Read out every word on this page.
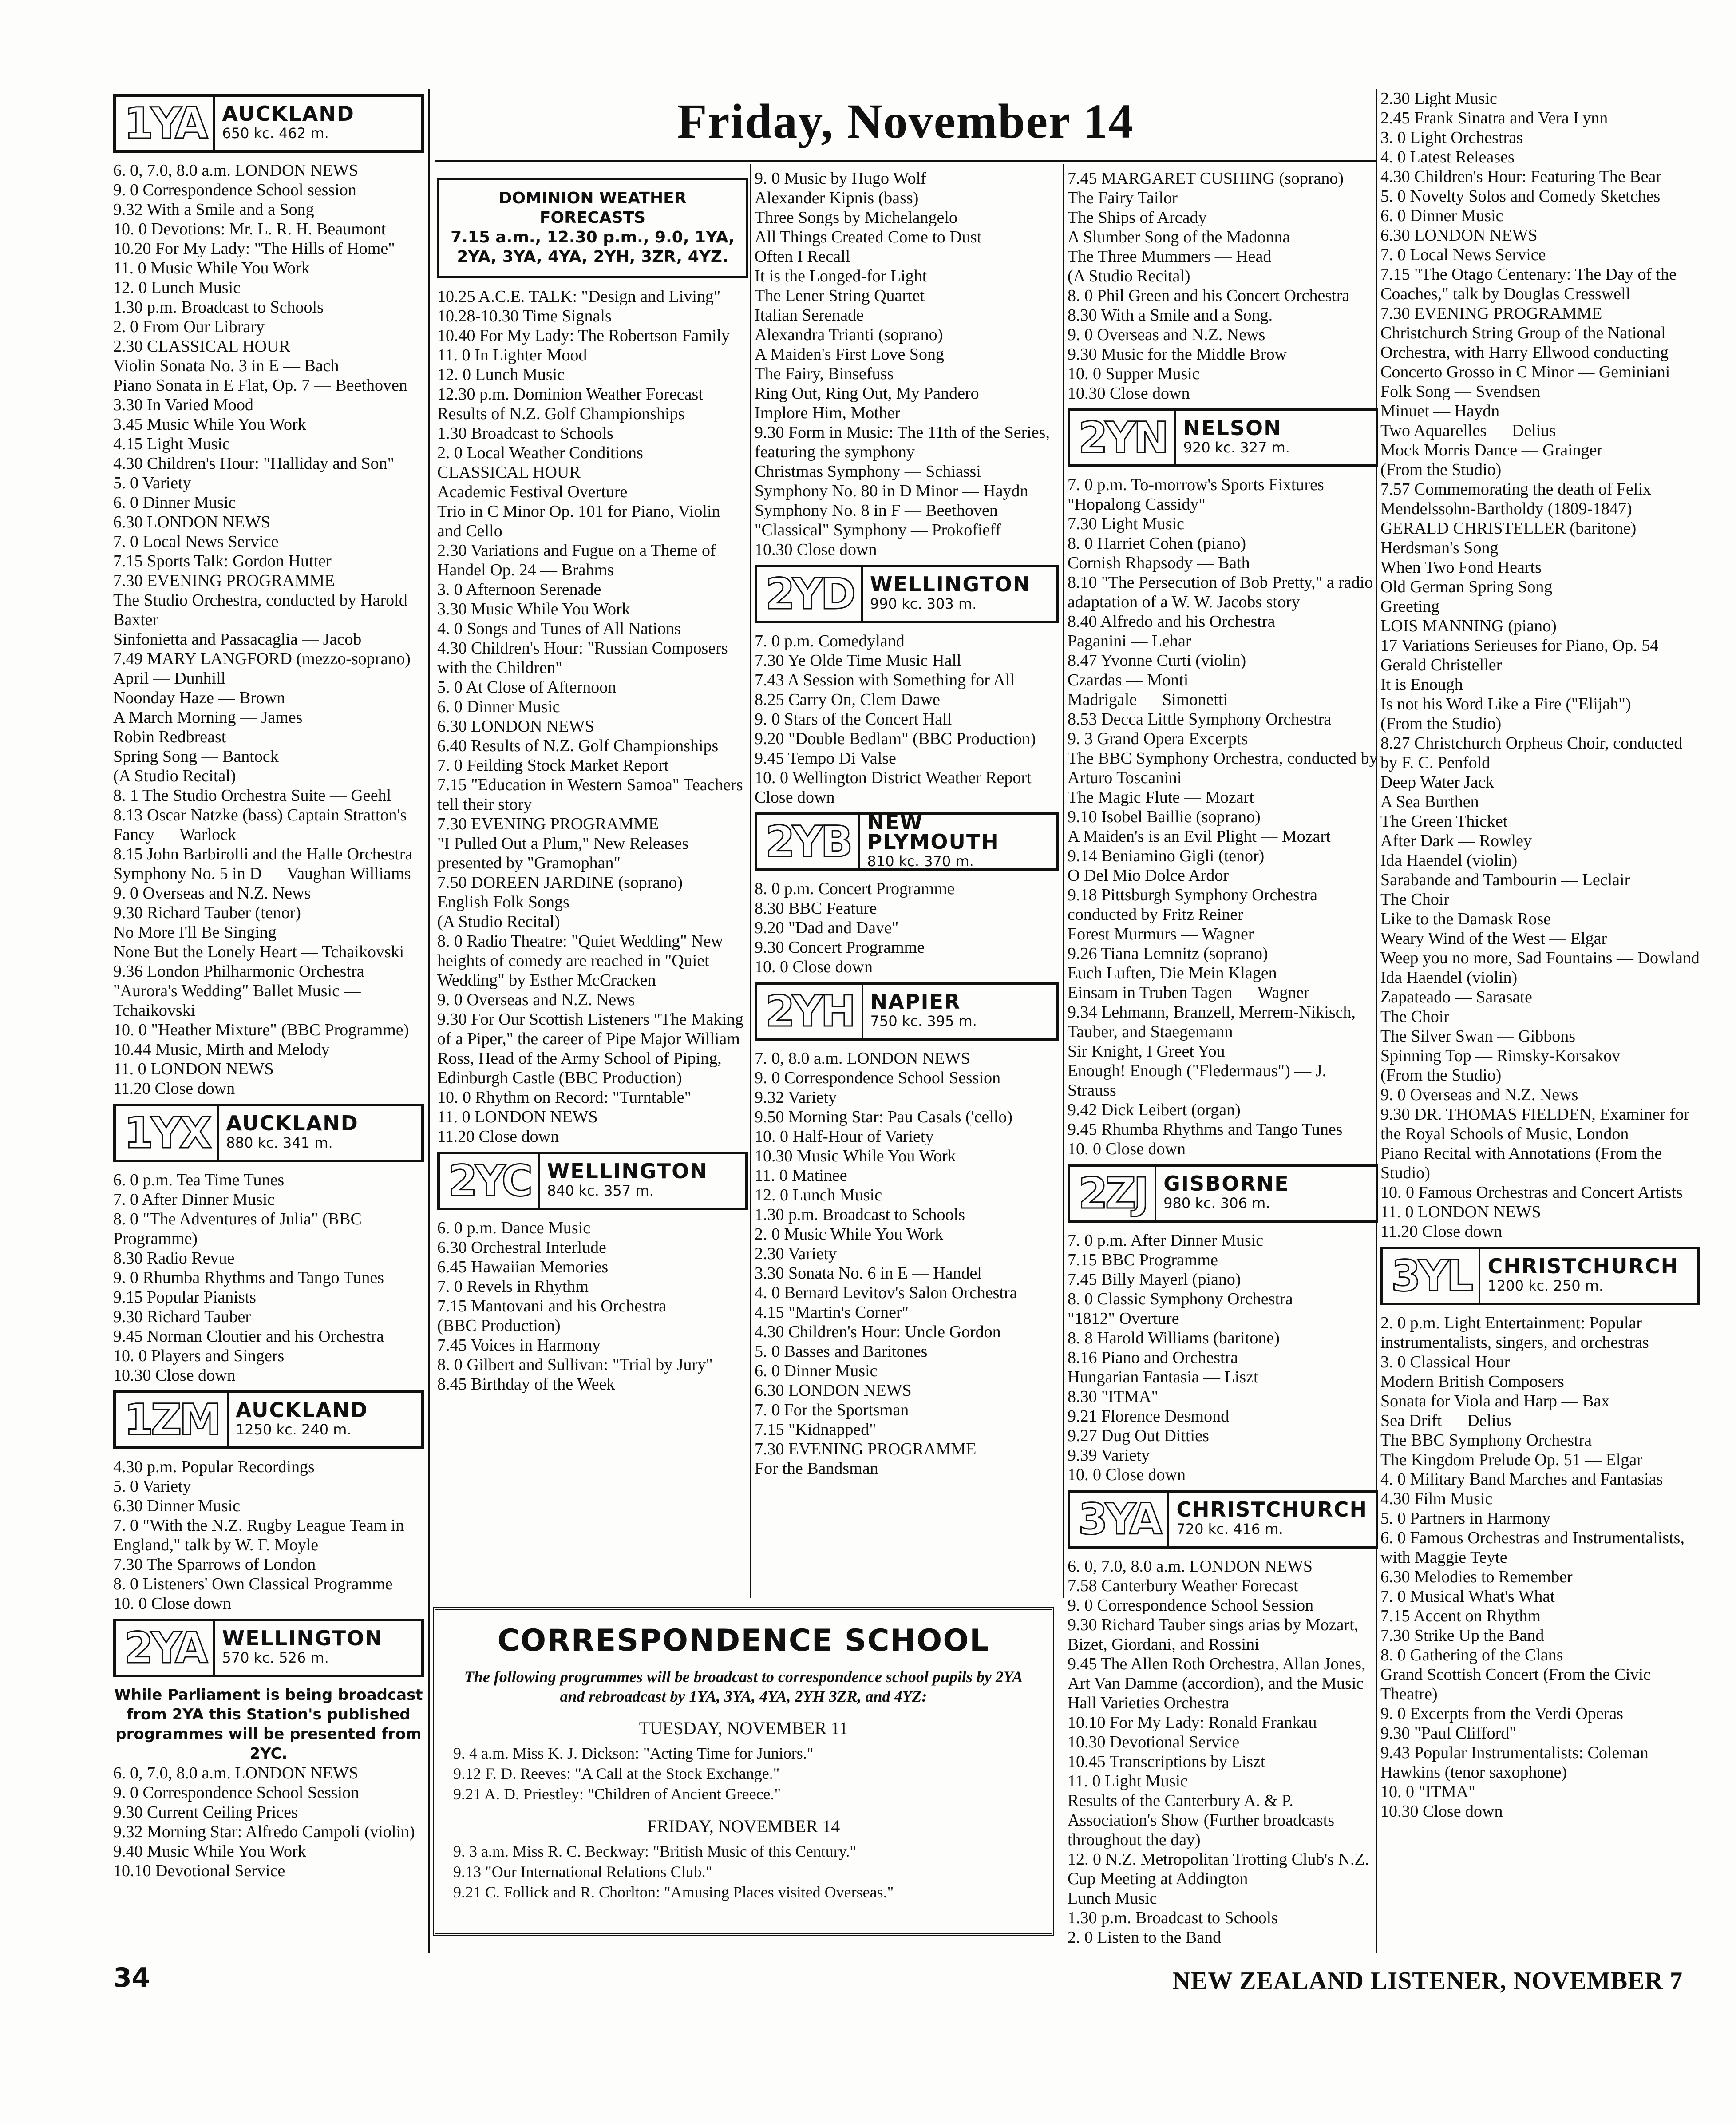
Friday, November 14
1YA AUCKLAND
650 kc. 462 m.
6. 0, 7.0, 8.0 a.m. LONDON NEWS
9. 0 Correspondence School session
9.32 With a Smile and a Song
10. 0 Devotions: Mr. L. R. H. Beaumont
10.20 For My Lady: "The Hills of Home"
11. 0 Music While You Work
12. 0 Lunch Music
1.30 p.m. Broadcast to Schools
2. 0 From Our Library
2.30 CLASSICAL HOUR
Violin Sonata No. 3 in E — Bach
Piano Sonata in E Flat, Op. 7 — Beethoven
3.30 In Varied Mood
3.45 Music While You Work
4.15 Light Music
4.30 Children's Hour: "Halliday and Son"
5. 0 Variety
6. 0 Dinner Music
6.30 LONDON NEWS
7. 0 Local News Service
7.15 Sports Talk: Gordon Hutter
7.30 EVENING PROGRAMME
The Studio Orchestra, conducted by Harold Baxter
Sinfonietta and Passacaglia — Jacob
7.49 MARY LANGFORD (mezzo-soprano)
April — Dunhill
Noonday Haze — Brown
A March Morning — James
Robin Redbreast
Spring Song — Bantock
(A Studio Recital)
8. 1 The Studio Orchestra Suite — Geehl
8.13 Oscar Natzke (bass) Captain Stratton's Fancy — Warlock
8.15 John Barbirolli and the Halle Orchestra
Symphony No. 5 in D — Vaughan Williams
9. 0 Overseas and N.Z. News
9.30 Richard Tauber (tenor)
No More I'll Be Singing
None But the Lonely Heart — Tchaikovski
9.36 London Philharmonic Orchestra
"Aurora's Wedding" Ballet Music — Tchaikovski
10. 0 "Heather Mixture" (BBC Programme)
10.44 Music, Mirth and Melody
11. 0 LONDON NEWS
11.20 Close down
1YX AUCKLAND
880 kc. 341 m.
6. 0 p.m. Tea Time Tunes
7. 0 After Dinner Music
8. 0 "The Adventures of Julia" (BBC Programme)
8.30 Radio Revue
9. 0 Rhumba Rhythms and Tango Tunes
9.15 Popular Pianists
9.30 Richard Tauber
9.45 Norman Cloutier and his Orchestra
10. 0 Players and Singers
10.30 Close down
1ZM AUCKLAND
1250 kc. 240 m.
4.30 p.m. Popular Recordings
5. 0 Variety
6.30 Dinner Music
7. 0 "With the N.Z. Rugby League Team in England," talk by W. F. Moyle
7.30 The Sparrows of London
8. 0 Listeners' Own Classical Programme
10. 0 Close down
2YA WELLINGTON
570 kc. 526 m.
While Parliament is being broadcast from 2YA this Station's published programmes will be presented from 2YC.
6. 0, 7.0, 8.0 a.m. LONDON NEWS
9. 0 Correspondence School Session
9.30 Current Ceiling Prices
9.32 Morning Star: Alfredo Campoli (violin)
9.40 Music While You Work
10.10 Devotional Service
DOMINION WEATHER FORECASTS
7.15 a.m., 12.30 p.m., 9.0, 1YA, 2YA, 3YA, 4YA, 2YH, 3ZR, 4YZ.
10.25 A.C.E. TALK: "Design and Living"
10.28-10.30 Time Signals
10.40 For My Lady: The Robertson Family
11. 0 In Lighter Mood
12. 0 Lunch Music
12.30 p.m. Dominion Weather Forecast
Results of N.Z. Golf Championships
1.30 Broadcast to Schools
2. 0 Local Weather Conditions
CLASSICAL HOUR
Academic Festival Overture
Trio in C Minor Op. 101 for Piano, Violin and Cello
2.30 Variations and Fugue on a Theme of Handel Op. 24 — Brahms
3. 0 Afternoon Serenade
3.30 Music While You Work
4. 0 Songs and Tunes of All Nations
4.30 Children's Hour: "Russian Composers with the Children"
5. 0 At Close of Afternoon
6. 0 Dinner Music
6.30 LONDON NEWS
6.40 Results of N.Z. Golf Championships
7. 0 Feilding Stock Market Report
7.15 "Education in Western Samoa" Teachers tell their story
7.30 EVENING PROGRAMME
"I Pulled Out a Plum," New Releases presented by "Gramophan"
7.50 DOREEN JARDINE (soprano)
English Folk Songs
(A Studio Recital)
8. 0 Radio Theatre: "Quiet Wedding" New heights of comedy are reached in "Quiet Wedding" by Esther McCracken
9. 0 Overseas and N.Z. News
9.30 For Our Scottish Listeners "The Making of a Piper," the career of Pipe Major William Ross, Head of the Army School of Piping, Edinburgh Castle (BBC Production)
10. 0 Rhythm on Record: "Turntable"
11. 0 LONDON NEWS
11.20 Close down
2YC WELLINGTON
840 kc. 357 m.
6. 0 p.m. Dance Music
6.30 Orchestral Interlude
6.45 Hawaiian Memories
7. 0 Revels in Rhythm
7.15 Mantovani and his Orchestra
(BBC Production)
7.45 Voices in Harmony
8. 0 Gilbert and Sullivan: "Trial by Jury"
8.45 Birthday of the Week
9. 0 Music by Hugo Wolf
Alexander Kipnis (bass)
Three Songs by Michelangelo
All Things Created Come to Dust
Often I Recall
It is the Longed-for Light
The Lener String Quartet
Italian Serenade
Alexandra Trianti (soprano)
A Maiden's First Love Song
The Fairy, Binsefuss
Ring Out, Ring Out, My Pandero
Implore Him, Mother
9.30 Form in Music: The 11th of the Series, featuring the symphony
Christmas Symphony — Schiassi
Symphony No. 80 in D Minor — Haydn
Symphony No. 8 in F — Beethoven
"Classical" Symphony — Prokofieff
10.30 Close down
2YD WELLINGTON
990 kc. 303 m.
7. 0 p.m. Comedyland
7.30 Ye Olde Time Music Hall
7.43 A Session with Something for All
8.25 Carry On, Clem Dawe
9. 0 Stars of the Concert Hall
9.20 "Double Bedlam" (BBC Production)
9.45 Tempo Di Valse
10. 0 Wellington District Weather Report
Close down
2YB NEW PLYMOUTH
810 kc. 370 m.
8. 0 p.m. Concert Programme
8.30 BBC Feature
9.20 "Dad and Dave"
9.30 Concert Programme
10. 0 Close down
2YH NAPIER
750 kc. 395 m.
7. 0, 8.0 a.m. LONDON NEWS
9. 0 Correspondence School Session
9.32 Variety
9.50 Morning Star: Pau Casals ('cello)
10. 0 Half-Hour of Variety
10.30 Music While You Work
11. 0 Matinee
12. 0 Lunch Music
1.30 p.m. Broadcast to Schools
2. 0 Music While You Work
2.30 Variety
3.30 Sonata No. 6 in E — Handel
4. 0 Bernard Levitov's Salon Orchestra
4.15 "Martin's Corner"
4.30 Children's Hour: Uncle Gordon
5. 0 Basses and Baritones
6. 0 Dinner Music
6.30 LONDON NEWS
7. 0 For the Sportsman
7.15 "Kidnapped"
7.30 EVENING PROGRAMME
For the Bandsman
7.45 MARGARET CUSHING (soprano)
The Fairy Tailor
The Ships of Arcady
A Slumber Song of the Madonna
The Three Mummers — Head
(A Studio Recital)
8. 0 Phil Green and his Concert Orchestra
8.30 With a Smile and a Song.
9. 0 Overseas and N.Z. News
9.30 Music for the Middle Brow
10. 0 Supper Music
10.30 Close down
2YN NELSON
920 kc. 327 m.
7. 0 p.m. To-morrow's Sports Fixtures
"Hopalong Cassidy"
7.30 Light Music
8. 0 Harriet Cohen (piano)
Cornish Rhapsody — Bath
8.10 "The Persecution of Bob Pretty," a radio adaptation of a W. W. Jacobs story
8.40 Alfredo and his Orchestra
Paganini — Lehar
8.47 Yvonne Curti (violin)
Czardas — Monti
Madrigale — Simonetti
8.53 Decca Little Symphony Orchestra
9. 3 Grand Opera Excerpts
The BBC Symphony Orchestra, conducted by Arturo Toscanini
The Magic Flute — Mozart
9.10 Isobel Baillie (soprano)
A Maiden's is an Evil Plight — Mozart
9.14 Beniamino Gigli (tenor)
O Del Mio Dolce Ardor
9.18 Pittsburgh Symphony Orchestra conducted by Fritz Reiner
Forest Murmurs — Wagner
9.26 Tiana Lemnitz (soprano)
Euch Luften, Die Mein Klagen
Einsam in Truben Tagen — Wagner
9.34 Lehmann, Branzell, Merrem-Nikisch, Tauber, and Staegemann
Sir Knight, I Greet You
Enough! Enough ("Fledermaus") — J. Strauss
9.42 Dick Leibert (organ)
9.45 Rhumba Rhythms and Tango Tunes
10. 0 Close down
2ZJ GISBORNE
980 kc. 306 m.
7. 0 p.m. After Dinner Music
7.15 BBC Programme
7.45 Billy Mayerl (piano)
8. 0 Classic Symphony Orchestra
"1812" Overture
8. 8 Harold Williams (baritone)
8.16 Piano and Orchestra
Hungarian Fantasia — Liszt
8.30 "ITMA"
9.21 Florence Desmond
9.27 Dug Out Ditties
9.39 Variety
10. 0 Close down
3YA CHRISTCHURCH
720 kc. 416 m.
6. 0, 7.0, 8.0 a.m. LONDON NEWS
7.58 Canterbury Weather Forecast
9. 0 Correspondence School Session
9.30 Richard Tauber sings arias by Mozart, Bizet, Giordani, and Rossini
9.45 The Allen Roth Orchestra, Allan Jones, Art Van Damme (accordion), and the Music Hall Varieties Orchestra
10.10 For My Lady: Ronald Frankau
10.30 Devotional Service
10.45 Transcriptions by Liszt
11. 0 Light Music
Results of the Canterbury A. & P. Association's Show (Further broadcasts throughout the day)
12. 0 N.Z. Metropolitan Trotting Club's N.Z. Cup Meeting at Addington
Lunch Music
1.30 p.m. Broadcast to Schools
2. 0 Listen to the Band
2.30 Light Music
2.45 Frank Sinatra and Vera Lynn
3. 0 Light Orchestras
4. 0 Latest Releases
4.30 Children's Hour: Featuring The Bear
5. 0 Novelty Solos and Comedy Sketches
6. 0 Dinner Music
6.30 LONDON NEWS
7. 0 Local News Service
7.15 "The Otago Centenary: The Day of the Coaches," talk by Douglas Cresswell
7.30 EVENING PROGRAMME
Christchurch String Group of the National Orchestra, with Harry Ellwood conducting
Concerto Grosso in C Minor — Geminiani
Folk Song — Svendsen
Minuet — Haydn
Two Aquarelles — Delius
Mock Morris Dance — Grainger
(From the Studio)
7.57 Commemorating the death of Felix Mendelssohn-Bartholdy (1809-1847)
GERALD CHRISTELLER (baritone)
Herdsman's Song
When Two Fond Hearts
Old German Spring Song
Greeting
LOIS MANNING (piano)
17 Variations Serieuses for Piano, Op. 54
Gerald Christeller
It is Enough
Is not his Word Like a Fire ("Elijah")
(From the Studio)
8.27 Christchurch Orpheus Choir, conducted by F. C. Penfold
Deep Water Jack
A Sea Burthen
The Green Thicket
After Dark — Rowley
Ida Haendel (violin)
Sarabande and Tambourin — Leclair
The Choir
Like to the Damask Rose
Weary Wind of the West — Elgar
Weep you no more, Sad Fountains — Dowland
Ida Haendel (violin)
Zapateado — Sarasate
The Choir
The Silver Swan — Gibbons
Spinning Top — Rimsky-Korsakov
(From the Studio)
9. 0 Overseas and N.Z. News
9.30 DR. THOMAS FIELDEN, Examiner for the Royal Schools of Music, London
Piano Recital with Annotations (From the Studio)
10. 0 Famous Orchestras and Concert Artists
11. 0 LONDON NEWS
11.20 Close down
3YL CHRISTCHURCH
1200 kc. 250 m.
2. 0 p.m. Light Entertainment: Popular instrumentalists, singers, and orchestras
3. 0 Classical Hour
Modern British Composers
Sonata for Viola and Harp — Bax
Sea Drift — Delius
The BBC Symphony Orchestra
The Kingdom Prelude Op. 51 — Elgar
4. 0 Military Band Marches and Fantasias
4.30 Film Music
5. 0 Partners in Harmony
6. 0 Famous Orchestras and Instrumentalists, with Maggie Teyte
6.30 Melodies to Remember
7. 0 Musical What's What
7.15 Accent on Rhythm
7.30 Strike Up the Band
8. 0 Gathering of the Clans
Grand Scottish Concert (From the Civic Theatre)
9. 0 Excerpts from the Verdi Operas
9.30 "Paul Clifford"
9.43 Popular Instrumentalists: Coleman Hawkins (tenor saxophone)
10. 0 "ITMA"
10.30 Close down
CORRESPONDENCE SCHOOL
The following programmes will be broadcast to correspondence school pupils by 2YA and rebroadcast by 1YA, 3YA, 4YA, 2YH 3ZR, and 4YZ:
TUESDAY, NOVEMBER 11
9. 4 a.m. Miss K. J. Dickson: "Acting Time for Juniors."
9.12 F. D. Reeves: "A Call at the Stock Exchange."
9.21 A. D. Priestley: "Children of Ancient Greece."
FRIDAY, NOVEMBER 14
9. 3 a.m. Miss R. C. Beckway: "British Music of this Century."
9.13 "Our International Relations Club."
9.21 C. Follick and R. Chorlton: "Amusing Places visited Overseas."
34	NEW ZEALAND LISTENER, NOVEMBER 7
